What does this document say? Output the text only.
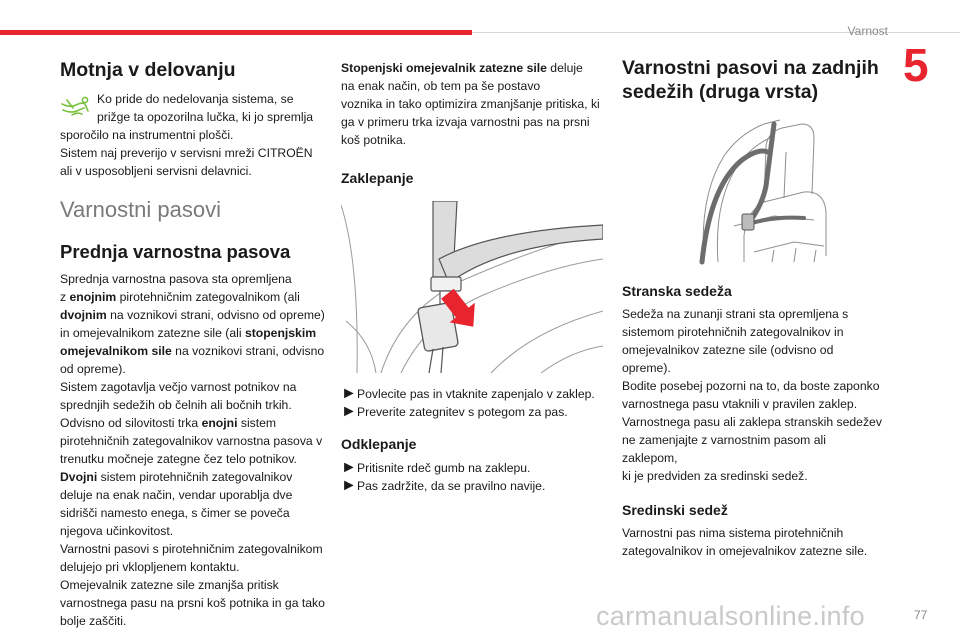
Varnost
5
Motnja v delovanju

Ko pride do nedelovanja sistema, se

prižge ta opozorilna lučka, ki jo spremlja

sporočilo na instrumentni plošči.

Sistem naj preverijo v servisni mreži CITROËN

ali v usposobljeni servisni delavnici.

Varnostni pasovi
Prednja varnostna pasova

Sprednja varnostna pasova sta opremljena

z enojnim pirotehničnim zategovalnikom (ali

dvojnim na voznikovi strani, odvisno od opreme)

in omejevalnikom zatezne sile (ali stopenjskim

omejevalnikom sile na voznikovi strani, odvisno

od opreme).

Sistem zagotavlja večjo varnost potnikov na

sprednjih sedežih ob čelnih ali bočnih trkih.

Odvisno od silovitosti trka enojni sistem

pirotehničnih zategovalnikov varnostna pasova v

trenutku močneje zategne čez telo potnikov.

Dvojni sistem pirotehničnih zategovalnikov

deluje na enak način, vendar uporablja dve

sidrišči namesto enega, s čimer se poveča

njegova učinkovitost.

Varnostni pasovi s pirotehničnim zategovalnikom

delujejo pri vklopljenem kontaktu.

Omejevalnik zatezne sile zmanjša pritisk

varnostnega pasu na prsni koš potnika in ga tako

bolje zaščiti.

Stopenjski omejevalnik zatezne sile deluje

na enak način, ob tem pa še postavo

voznika in tako optimizira zmanjšanje pritiska, ki

ga v primeru trka izvaja varnostni pas na prsni

koš potnika.

Zaklepanje
► Povlecite pas in vtaknite zapenjalo v zaklep.

► Preverite zategnitev s potegom za pas.

Odklepanje
► Pritisnite rdeč gumb na zaklepu.

► Pas zadržite, da se pravilno navije.

Varnostni pasovi na zadnjih
sedežih (druga vrsta)
Stranska sedeža

Sedeža na zunanji strani sta opremljena s

sistemom pirotehničnih zategovalnikov in

omejevalnikov zatezne sile (odvisno od opreme).

Bodite posebej pozorni na to, da boste zaponko

varnostnega pasu vtaknili v pravilen zaklep.

Varnostnega pasu ali zaklepa stranskih sedežev

ne zamenjajte z varnostnim pasom ali zaklepom,

ki je predviden za sredinski sedež.

Sredinski sedež

Varnostni pas nima sistema pirotehničnih

zategovalnikov in omejevalnikov zatezne sile.

carmanualsonline.info	77
